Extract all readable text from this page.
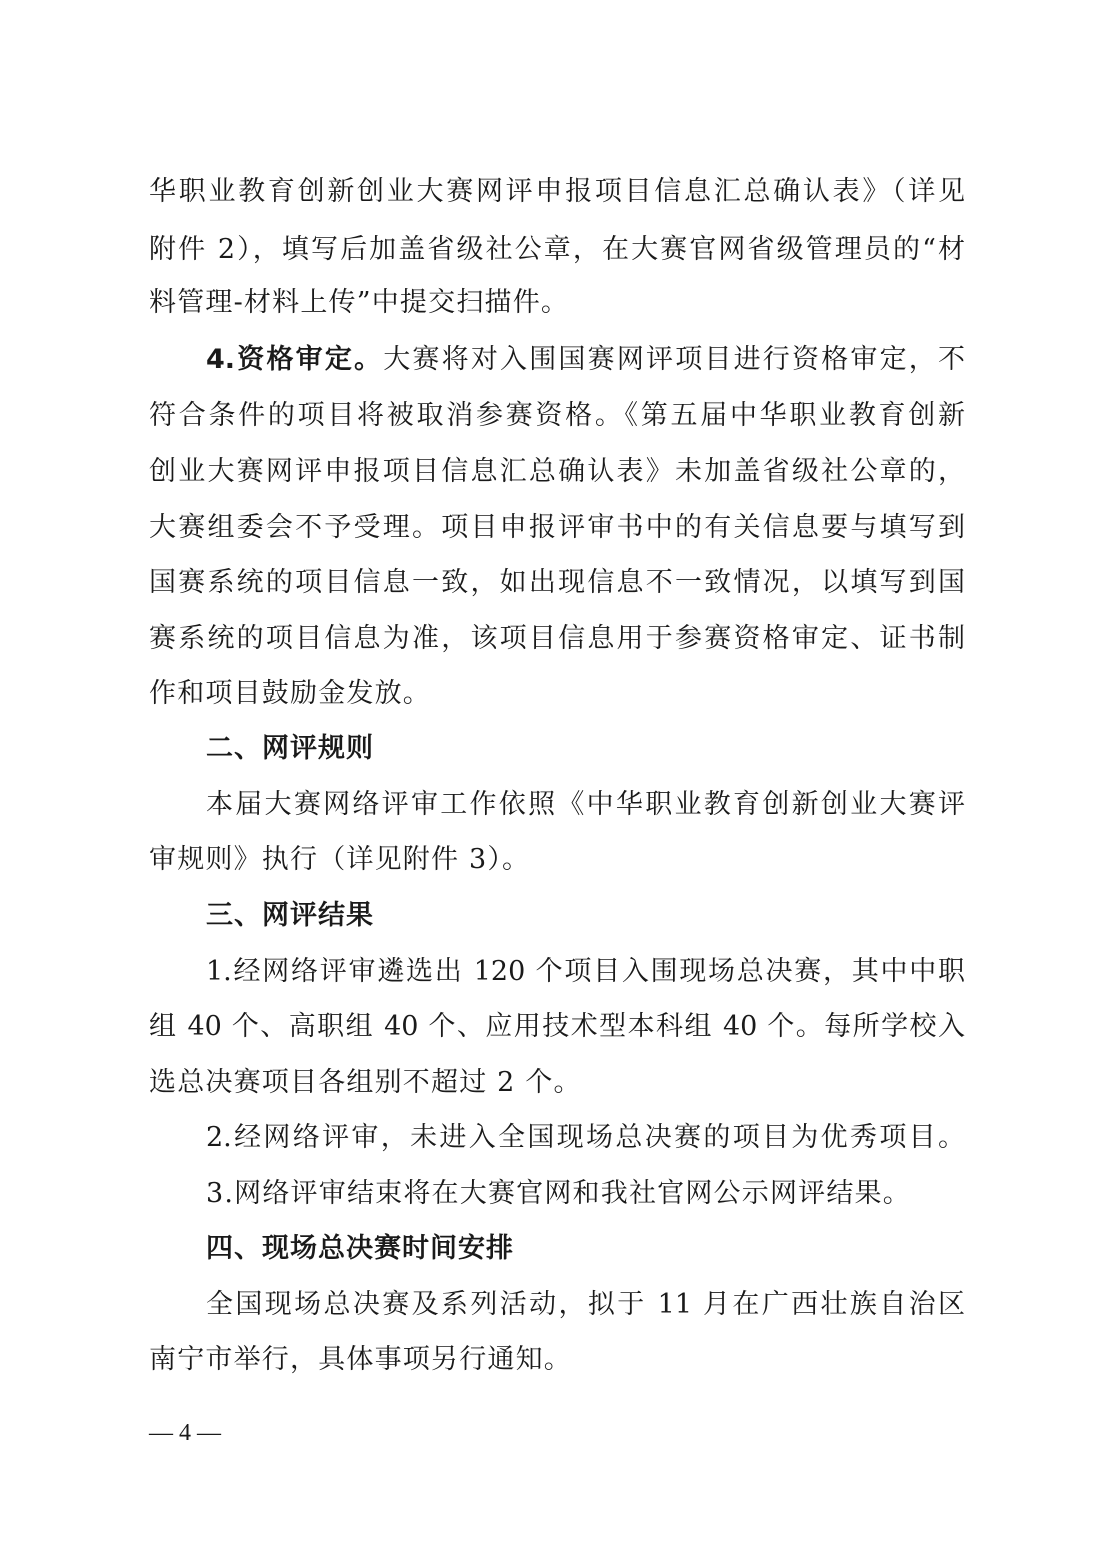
华职业教育创新创业大赛网评申报项目信息汇总确认表》（详见
附件 2），填写后加盖省级社公章，在大赛官网省级管理员的“材
料管理-材料上传”中提交扫描件。
4.资格审定。大赛将对入围国赛网评项目进行资格审定，不
符合条件的项目将被取消参赛资格。《第五届中华职业教育创新
创业大赛网评申报项目信息汇总确认表》未加盖省级社公章的，
大赛组委会不予受理。项目申报评审书中的有关信息要与填写到
国赛系统的项目信息一致，如出现信息不一致情况，以填写到国
赛系统的项目信息为准，该项目信息用于参赛资格审定、证书制
作和项目鼓励金发放。
二、网评规则
本届大赛网络评审工作依照《中华职业教育创新创业大赛评
审规则》执行（详见附件 3）。
三、网评结果
1.经网络评审遴选出 120 个项目入围现场总决赛，其中中职
组 40 个、高职组 40 个、应用技术型本科组 40 个。每所学校入
选总决赛项目各组别不超过 2 个。
2.经网络评审，未进入全国现场总决赛的项目为优秀项目。
3.网络评审结束将在大赛官网和我社官网公示网评结果。
四、现场总决赛时间安排
全国现场总决赛及系列活动，拟于 11 月在广西壮族自治区
南宁市举行，具体事项另行通知。
— 4 —
